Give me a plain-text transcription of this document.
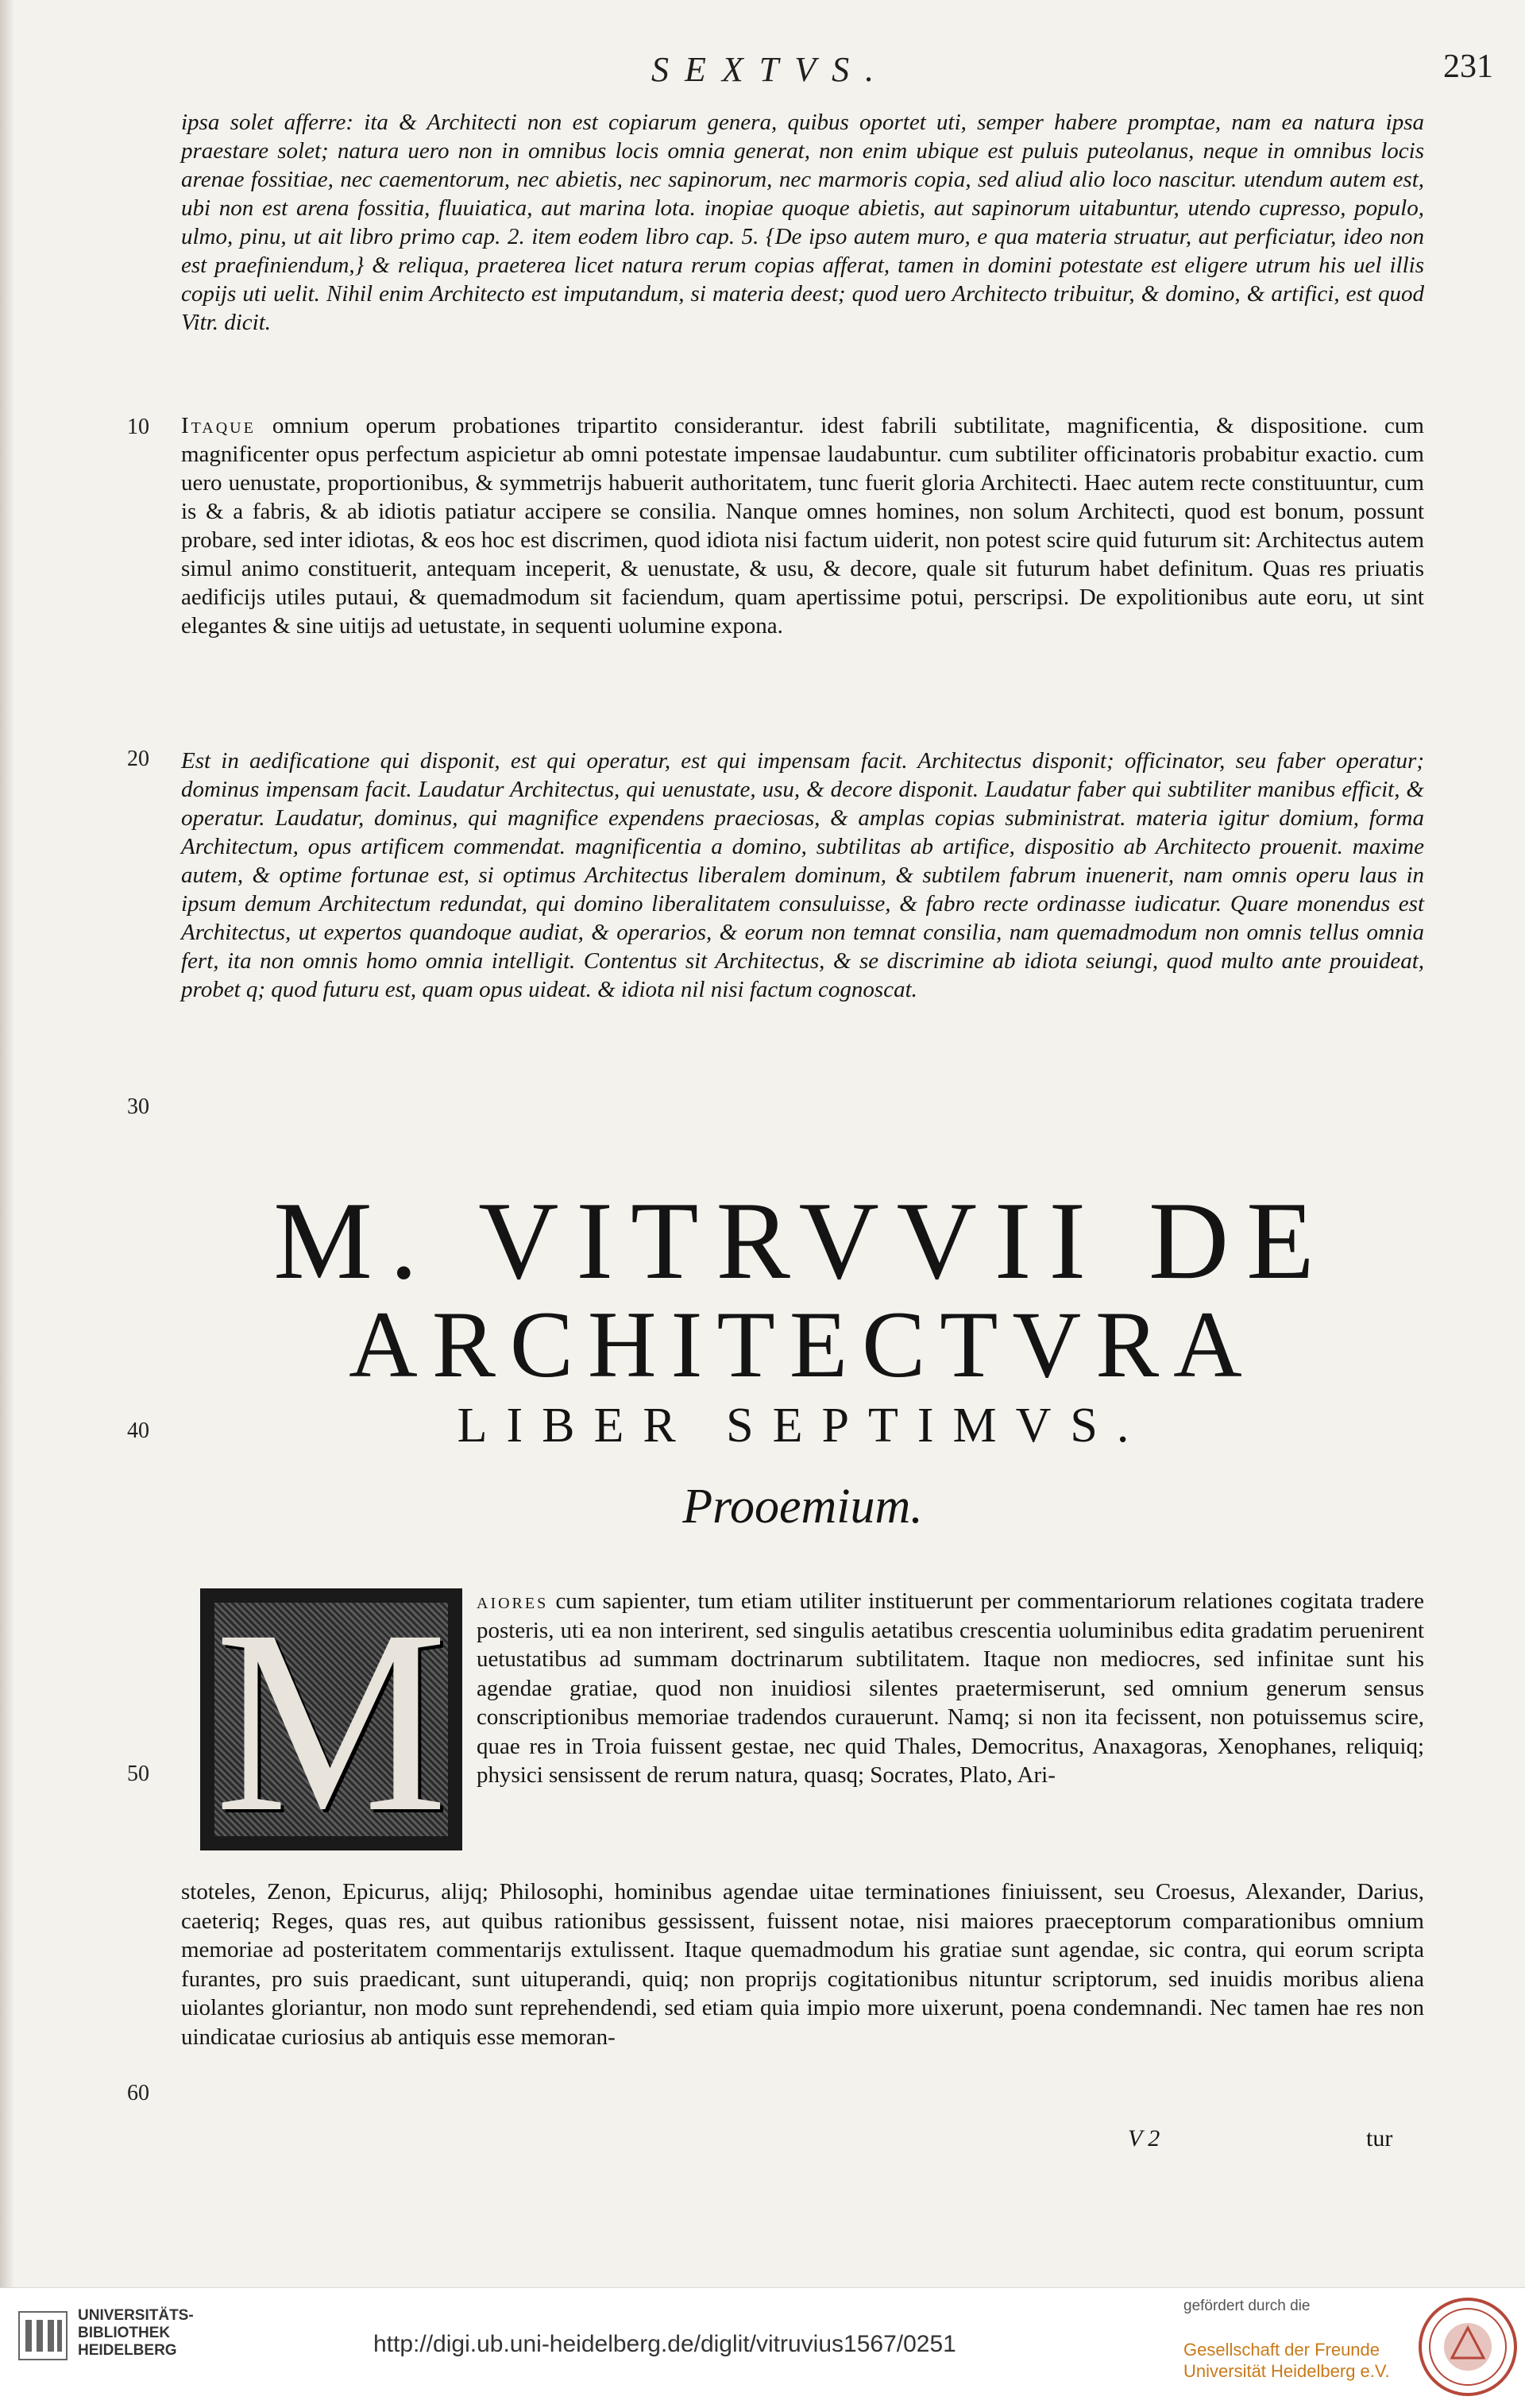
SEXTVS.	231

ipsa solet afferre: ita & Architecti non est copiarum genera, quibus oportet uti, semper habere promptae, nam ea natura ipsa praestare solet; natura uero non in omnibus locis omnia generat, non enim ubique est puluis puteolanus, neque in omnibus locis arenae fossitiae, nec caementorum, nec abietis, nec sapinorum, nec marmoris copia, sed aliud alio loco nascitur. utendum autem est, ubi non est arena fossitia, fluuiatica, aut marina lota. inopiae quoque abietis, aut sapinorum uitabuntur, utendo cupresso, populo, ulmo, pinu, ut ait libro primo cap. 2. item eodem libro cap. 5. {De ipso autem muro, e qua materia struatur, aut perficiatur, ideo non est praefiniendum,} & reliqua, praeterea licet natura rerum copias afferat, tamen in domini potestate est eligere utrum his uel illis copijs uti uelit. Nihil enim Architecto est imputandum, si materia deest; quod uero Architecto tribuitur, & domino, & artifici, est quod Vitr. dicit.

Itaque omnium operum probationes tripartito considerantur. idest fabrili subtilitate, magnificentia, & dispositione. cum magnificenter opus perfectum aspicietur ab omni potestate impensae laudabuntur. cum subtiliter officinatoris probabitur exactio. cum uero uenustate, proportionibus, & symmetrijs habuerit authoritatem, tunc fuerit gloria Architecti. Haec autem recte constituuntur, cum is & a fabris, & ab idiotis patiatur accipere se consilia. Nanque omnes homines, non solum Architecti, quod est bonum, possunt probare, sed inter idiotas, & eos hoc est discrimen, quod idiota nisi factum uiderit, non potest scire quid futurum sit: Architectus autem simul animo constituerit, antequam inceperit, & uenustate, & usu, & decore, quale sit futurum habet definitum. Quas res priuatis aedificijs utiles putaui, & quemadmodum sit faciendum, quam apertissime potui, perscripsi. De expolitionibus aute eoru, ut sint elegantes & sine uitijs ad uetustate, in sequenti uolumine expona.

Est in aedificatione qui disponit, est qui operatur, est qui impensam facit. Architectus disponit; officinator, seu faber operatur; dominus impensam facit. Laudatur Architectus, qui uenustate, usu, & decore disponit. Laudatur faber qui subtiliter manibus efficit, & operatur. Laudatur, dominus, qui magnifice expendens praeciosas, & amplas copias subministrat. materia igitur domium, forma Architectum, opus artificem commendat. magnificentia a domino, subtilitas ab artifice, dispositio ab Architecto prouenit. maxime autem, & optime fortunae est, si optimus Architectus liberalem dominum, & subtilem fabrum inuenerit, nam omnis operu laus in ipsum demum Architectum redundat, qui domino liberalitatem consuluisse, & fabro recte ordinasse iudicatur. Quare monendus est Architectus, ut expertos quandoque audiat, & operarios, & eorum non temnat consilia, nam quemadmodum non omnis tellus omnia fert, ita non omnis homo omnia intelligit. Contentus sit Architectus, & se discrimine ab idiota seiungi, quod multo ante prouideat, probet q; quod futuru est, quam opus uideat. & idiota nil nisi factum cognoscat.

10
20
30
40
50
60
M. VITRVVII DE
ARCHITECTVRA
LIBER SEPTIMVS.
Prooemium.
M	aiores cum sapienter, tum etiam utiliter instituerunt per commentariorum relationes cogitata tradere posteris, uti ea non interirent, sed singulis aetatibus crescentia uoluminibus edita gradatim peruenirent uetustatibus ad summam doctrinarum subtilitatem. Itaque non mediocres, sed infinitae sunt his agendae gratiae, quod non inuidiosi silentes praetermiserunt, sed omnium generum sensus conscriptionibus memoriae tradendos curauerunt. Namq; si non ita fecissent, non potuissemus scire, quae res in Troia fuissent gestae, nec quid Thales, Democritus, Anaxagoras, Xenophanes, reliquiq; physici sensissent de rerum natura, quasq; Socrates, Plato, Ari-
stoteles, Zenon, Epicurus, alijq; Philosophi, hominibus agendae uitae terminationes finiuissent, seu Croesus, Alexander, Darius, caeteriq; Reges, quas res, aut quibus rationibus gessissent, fuissent notae, nisi maiores praeceptorum comparationibus omnium memoriae ad posteritatem commentarijs extulissent. Itaque quemadmodum his gratiae sunt agendae, sic contra, qui eorum scripta furantes, pro suis praedicant, sunt uituperandi, quiq; non proprijs cogitationibus nituntur scriptorum, sed inuidis moribus aliena uiolantes gloriantur, non modo sunt reprehendendi, sed etiam quia impio more uixerunt, poena condemnandi. Nec tamen hae res non uindicatae curiosius ab antiquis esse memoran-
V 2	tur
UNIVERSITÄTS-
BIBLIOTHEK
HEIDELBERG	http://digi.ub.uni-heidelberg.de/diglit/vitruvius1567/0251
gefördert durch die
Gesellschaft der Freunde Universität Heidelberg e.V.
